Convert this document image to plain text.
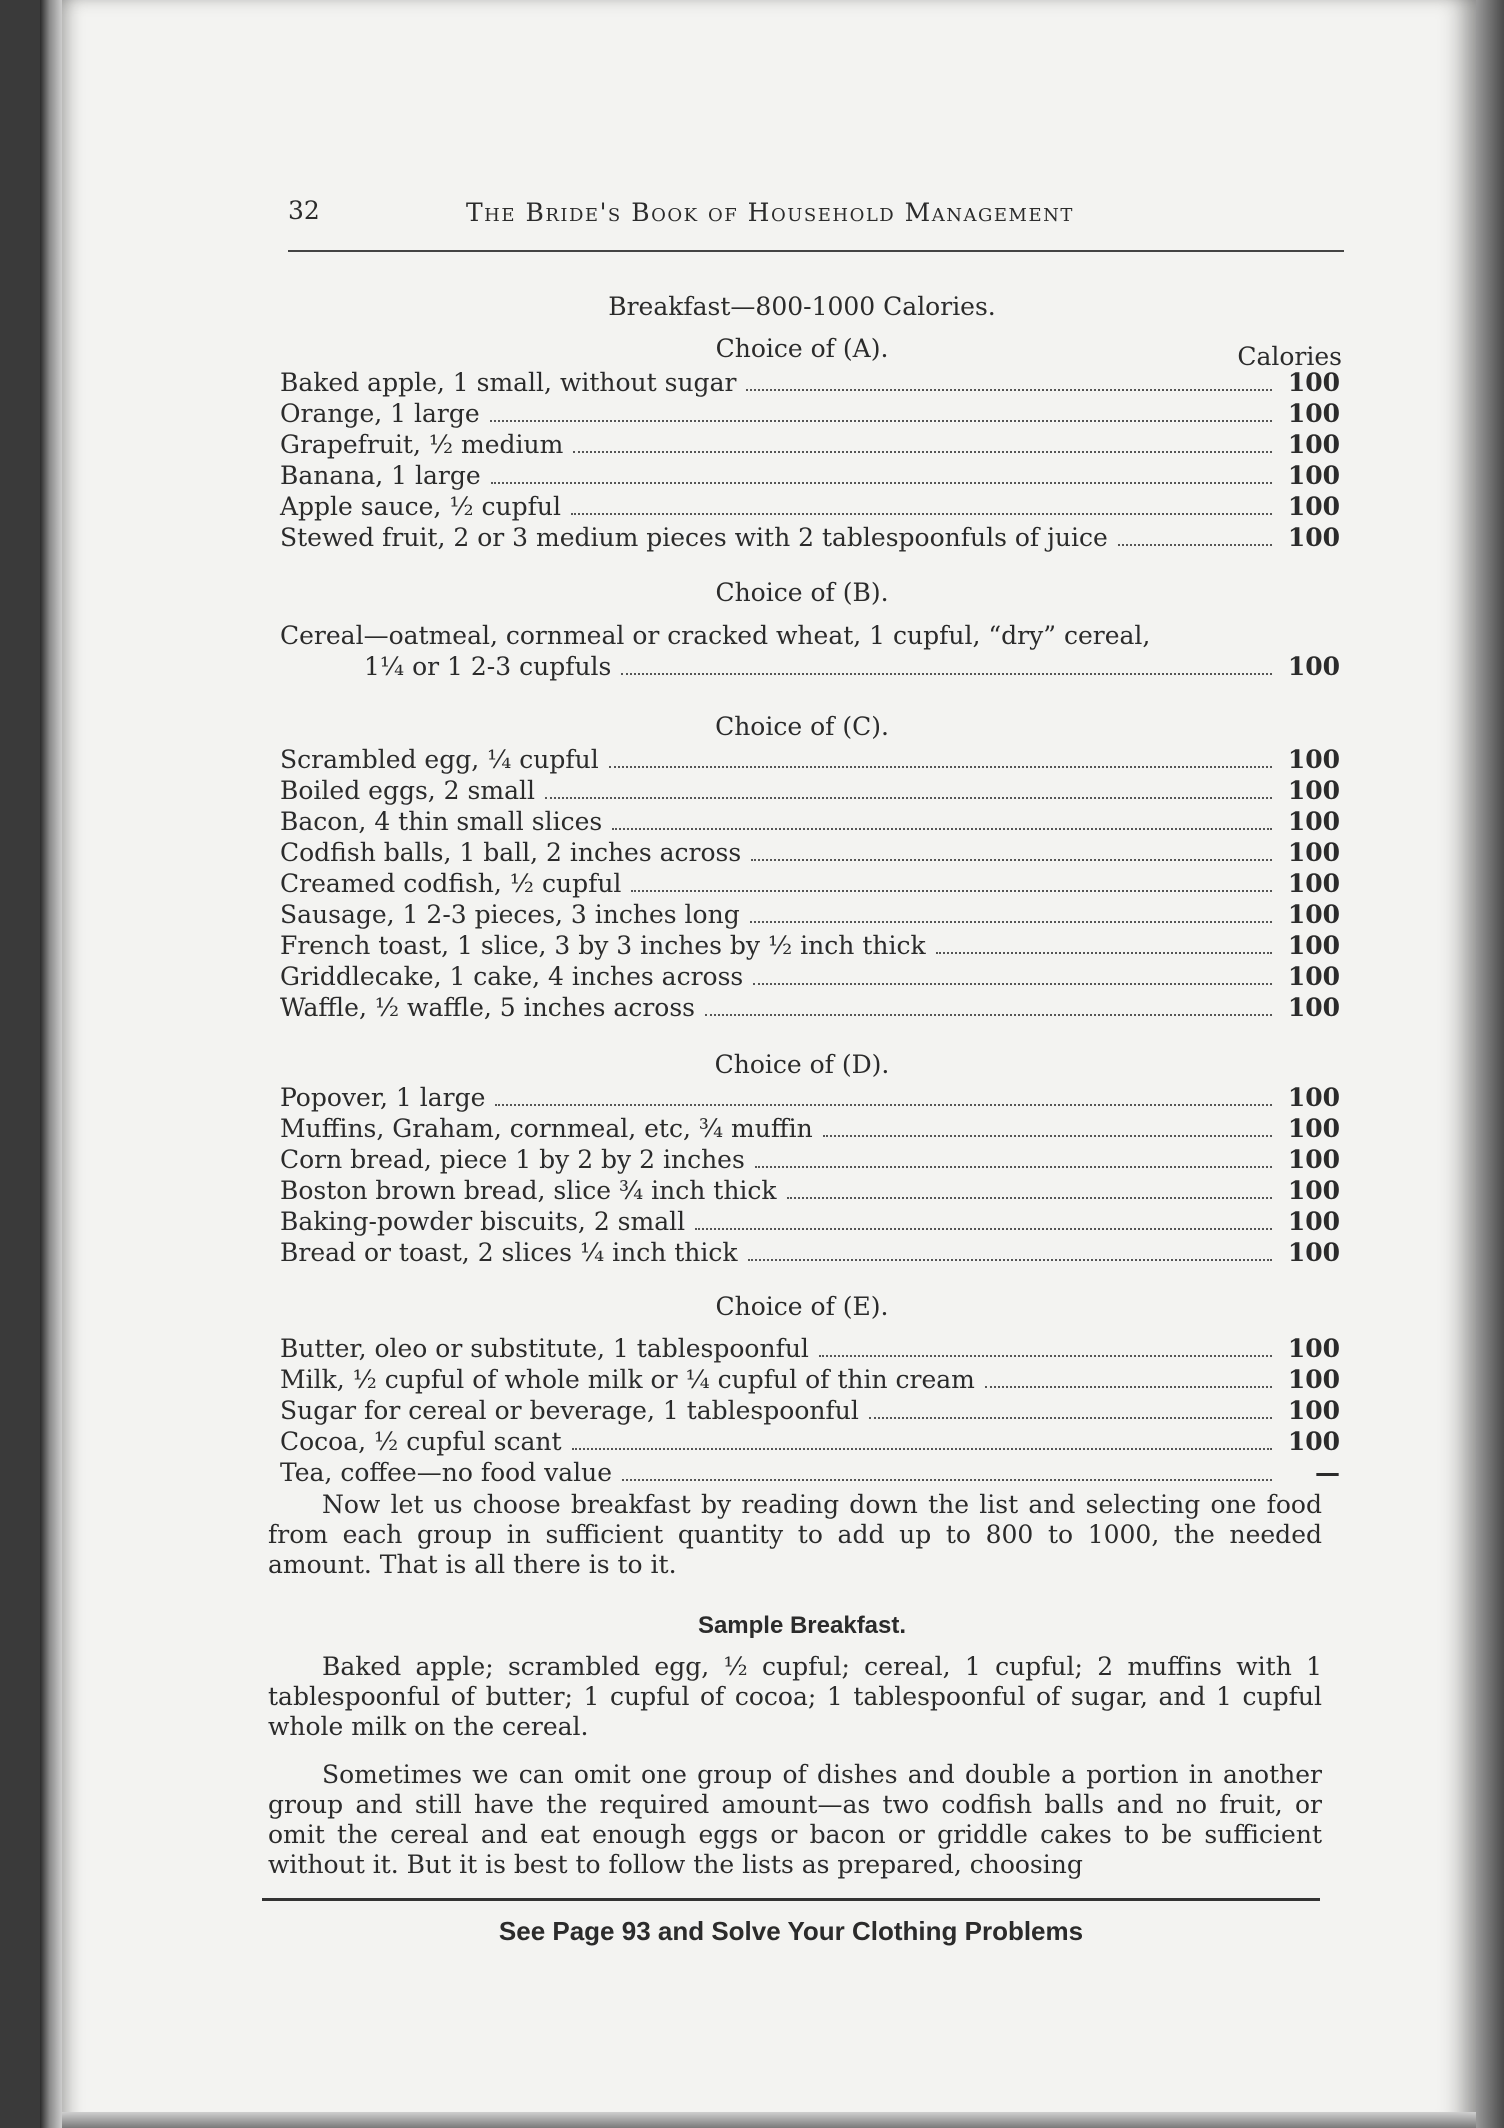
32	The Bride's Book of Household Management
Breakfast—800-1000 Calories.
Choice of (A).	Calories
Baked apple, 1 small, without sugar	100
Orange, 1 large	100
Grapefruit, ½ medium	100
Banana, 1 large	100
Apple sauce, ½ cupful	100
Stewed fruit, 2 or 3 medium pieces with 2 tablespoonfuls of juice	100
Choice of (B).
Cereal—oatmeal, cornmeal or cracked wheat, 1 cupful, “dry” cereal,
1¼ or 1 2-3 cupfuls	100
Choice of (C).
Scrambled egg, ¼ cupful	100
Boiled eggs, 2 small	100
Bacon, 4 thin small slices	100
Codfish balls, 1 ball, 2 inches across	100
Creamed codfish, ½ cupful	100
Sausage, 1 2-3 pieces, 3 inches long	100
French toast, 1 slice, 3 by 3 inches by ½ inch thick	100
Griddlecake, 1 cake, 4 inches across	100
Waffle, ½ waffle, 5 inches across	100
Choice of (D).
Popover, 1 large	100
Muffins, Graham, cornmeal, etc, ¾ muffin	100
Corn bread, piece 1 by 2 by 2 inches	100
Boston brown bread, slice ¾ inch thick	100
Baking-powder biscuits, 2 small	100
Bread or toast, 2 slices ¼ inch thick	100
Choice of (E).
Butter, oleo or substitute, 1 tablespoonful	100
Milk, ½ cupful of whole milk or ¼ cupful of thin cream	100
Sugar for cereal or beverage, 1 tablespoonful	100
Cocoa, ½ cupful scant	100
Tea, coffee—no food value	—
Now let us choose breakfast by reading down the list and selecting one food from each group in sufficient quantity to add up to 800 to 1000, the needed amount. That is all there is to it.
Sample Breakfast.
Baked apple; scrambled egg, ½ cupful; cereal, 1 cupful; 2 muffins with 1 tablespoonful of butter; 1 cupful of cocoa; 1 tablespoonful of sugar, and 1 cupful whole milk on the cereal.
Sometimes we can omit one group of dishes and double a portion in another group and still have the required amount—as two codfish balls and no fruit, or omit the cereal and eat enough eggs or bacon or griddle cakes to be sufficient without it. But it is best to follow the lists as prepared, choosing
See Page 93 and Solve Your Clothing Problems
